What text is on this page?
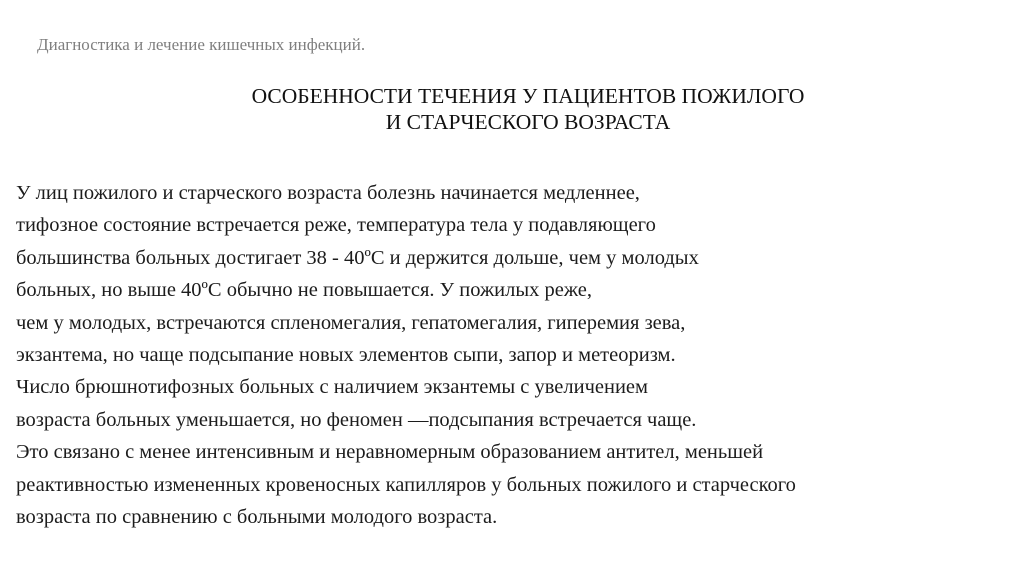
Диагностика и лечение кишечных инфекций.
ОСОБЕННОСТИ ТЕЧЕНИЯ У ПАЦИЕНТОВ ПОЖИЛОГО
И СТАРЧЕСКОГО ВОЗРАСТА
У лиц пожилого и старческого возраста болезнь начинается медленнее,
тифозное состояние встречается реже, температура тела у подавляющего
большинства больных достигает 38 - 40ºC и держится дольше, чем у молодых
больных, но выше 40ºC обычно не повышается. У пожилых реже,
чем у молодых, встречаются спленомегалия, гепатомегалия, гиперемия зева,
экзантема, но чаще подсыпание новых элементов сыпи, запор и метеоризм.
Число брюшнотифозных больных с наличием экзантемы с увеличением
возраста больных уменьшается, но феномен ―подсыпания встречается чаще.
Это связано с менее интенсивным и неравномерным образованием антител, меньшей
реактивностью измененных кровеносных капилляров у больных пожилого и старческого
возраста по сравнению с больными молодого возраста.
